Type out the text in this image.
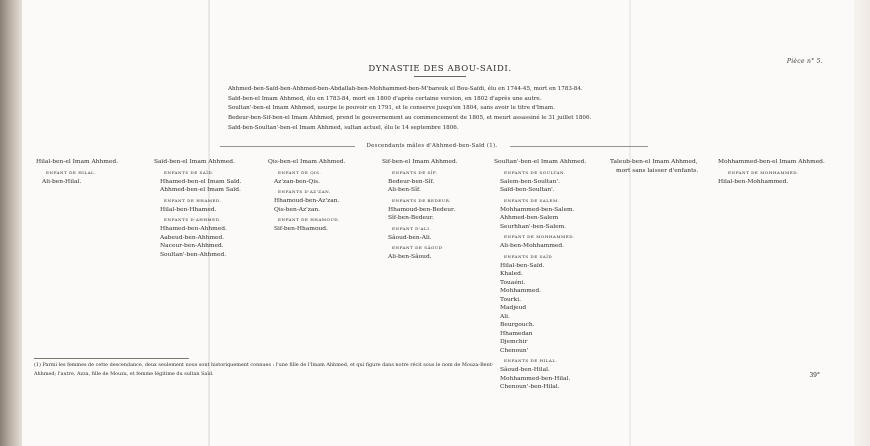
Pièce n° 5.
DYNASTIE DES ABOU-SAIDI.
Ahhmed-ben-Saïd-ben-Ahhmed-ben-Abdallah-ben-Mohhammed-ben-M'bareuk el Bou-Saïdi, élu en 1744-45, mort en 1783-84.
Saïd-ben-el Imam Ahhmed, élu en 1783-84, mort en 1800 d'après certaine version, en 1802 d'après une autre.
Soultan'-ben-el Imam Ahhmed, usurpe le pouvoir en 1791, et le conserve jusqu'en 1804, sans avoir le titre d'Imam.
Bedeur-ben-Sif-ben-el Imam Ahhmed, prend le gouvernement au commencement de 1805, et meurt assassiné le 31 juillet 1806.
Saïd-ben-Soultan'-ben-el Imam Ahhmed, sultan actuel, élu le 14 septembre 1806.
Descendants mâles d'Ahhmed-ben-Saïd (1).
Hilal-ben-el Imam Ahhmed.
ENFANT DE HILAL.
Ali-ben-Hilal.
Saïd-ben-el Imam Ahhmed.
ENFANTS DE SAÏD.
Hhamed-ben-el Imam Saïd.
Ahhmed-ben-el Imam Saïd.
ENFANT DE HHAMED.
Hilal-ben-Hhamed.
ENFANTS D'AHHMED.
Hhamed-ben-Ahhmed.
Aabeud-ben-Ahhmed.
Naceur-ben-Ahhmed.
Soultan'-ben-Ahhmed.
Qis-ben-el Imam Ahhmed.
ENFANT DE QIS.
Az'zan-ben-Qis.
ENFANTS D'AZ'ZAN.
Hhamoud-ben-Az'zan.
Qis-ben-Az'zan.
ENFANT DE HHAMOUD.
Sif-ben-Hhamoud.
Sif-ben-el Imam Ahhmed.
ENFANTS DE SÎF.
Bedeur-ben-Sîf.
Ali-ben-Sîf.
ENFANTS DE BEDEUR.
Hhamoud-ben-Bedeur.
Sîf-ben-Bedeur.
ENFANT D'ALI.
Sâoud-ben-Ali.
ENFANT DE SÂOUD
Ali-ben-Sâoud.
Soultan'-ben-el Imam Ahhmed.
ENFANTS DE SOULTAN.
Salem-ben-Soultan'.
Saïd-ben-Soultan'.
ENFANTS DE SALEM.
Mohhammed-ben-Salem.
Ahhmed-ben-Salem
Seurhhan'-ben-Salem.
ENFANT DE MOHHAMMED.
Ali-ben-Mohhammed.
ENFANTS DE SAÏD
Hilal-ben-Saïd.
Khaled.
Touaéni.
Mohhammed.
Tourki.
Madjeud
Ali.
Beurgouch.
Hhamedan
Djemchir
Chenoun'
ENFANTS DE HILAL.
Sâoud-ben-Hilal.
Mohhammed-ben-Hilal.
Chenoun'-ben-Hilal.
Taleub-ben-el Imam Ahhmed,
mort sans laisser d'enfants.
Mohhammed-ben-el Imam Ahhmed.
ENFANT DE MOHHAMMED.
Hilal-ben-Mohhammed.
(1) Parmi les femmes de cette descendance, deux seulement nous sont historiquement connues : l'une fille de l'Imam Ahhmed, et qui figure dans notre récit sous le nom de Mouza-Bent-Ahhmed; l'autre, Azza, fille de Mouza, et femme légitime du sultan Saïd.	39°
